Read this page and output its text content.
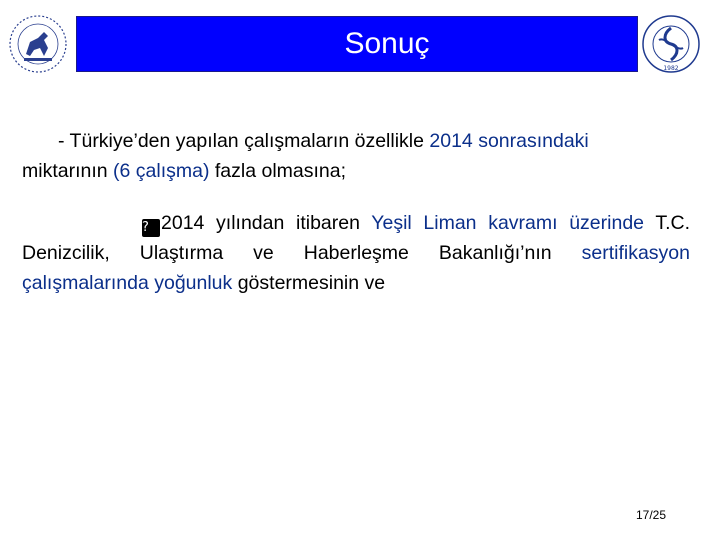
Sonuç
1982
- Türkiye’den yapılan çalışmaların özellikle 2014 sonrasındaki
miktarının (6 çalışma) fazla olmasına;
? 2014 yılından itibaren Yeşil Liman kavramı üzerinde T.C. Denizcilik, Ulaştırma ve Haberleşme Bakanlığı’nın sertifikasyon çalışmalarında yoğunluk göstermesinin ve
17/25
